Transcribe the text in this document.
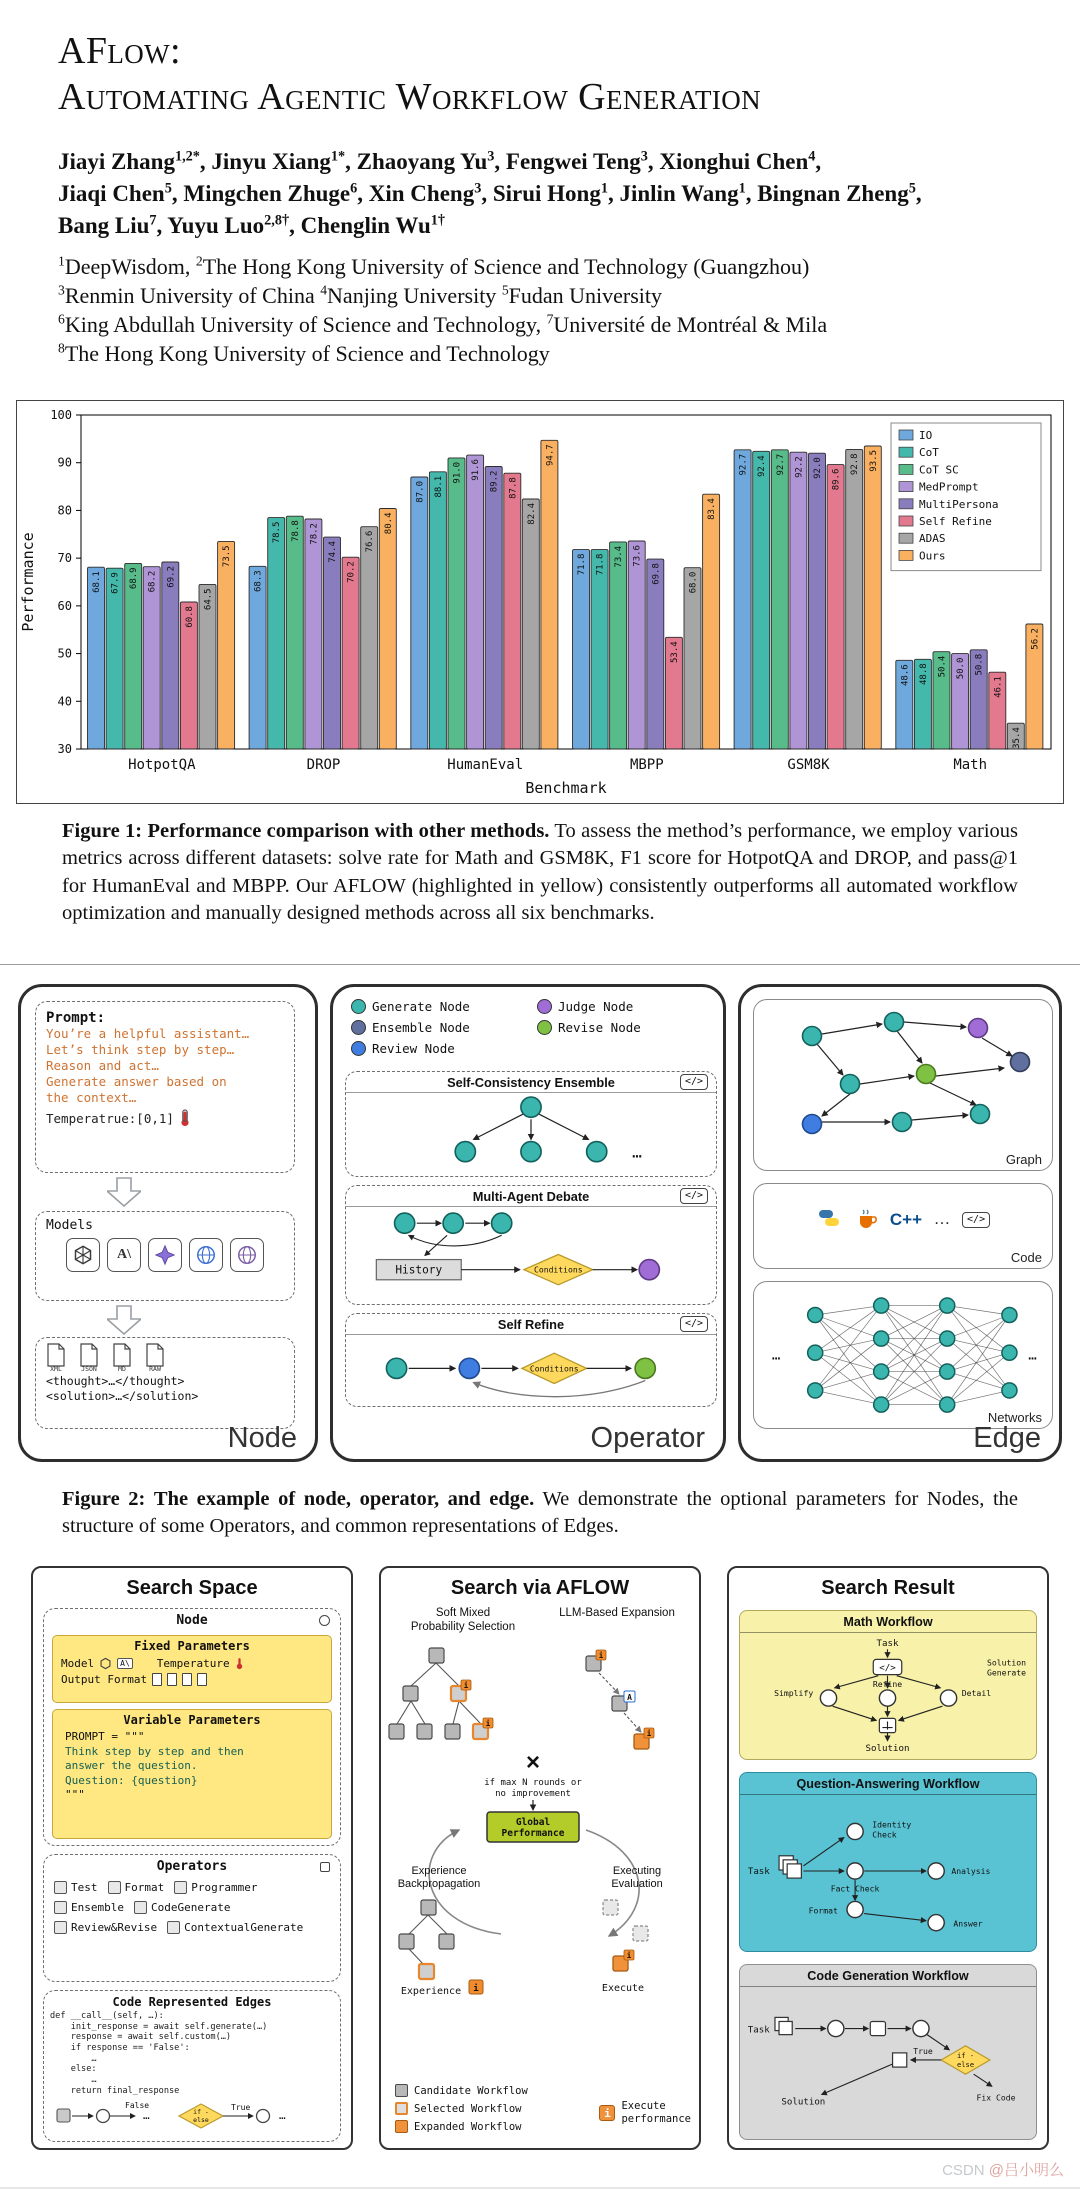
AFlow:
Automating Agentic Workflow Generation
Jiayi Zhang$^{1,2*}$, Jinyu Xiang$^{1*}$, Zhaoyang Yu$^3$, Fengwei Teng$^3$, Xionghui Chen$^4$,
Jiaqi Chen$^5$, Mingchen Zhuge$^6$, Xin Cheng$^3$, Sirui Hong$^1$, Jinlin Wang$^1$, Bingnan Zheng$^5$,
Bang Liu$^7$, Yuyu Luo$^{2,8\dagger}$, Chenglin $Wu^{1\dagger}$
$^1$DeepWisdom, $^2$The Hong Kong University of Science and Technology (Guangzhou)
$^3$Renmin University of China $^4$Nanjing University $^5$Fudan University
$^6$King Abdullah University of Science and Technology, $^7$Université de Montréal & Mila
$^8$The Hong Kong University of Science and Technology
30
40
50
60
70
80
90
100
68.1 67.9 68.9 68.2 69.2
60.8
64.5
73.5
HotpotQA
68.3
78.5 78.8 78.2
74.4
70.2
76.6
80.4
DROP
87.0 88.1
91.0 91.6
89.2 87.8
82.4
94.7
HumanEval
71.8 71.8 73.4 73.6
69.8
53.4
68.0
83.4
MBPP
92.7 92.4 92.7 92.2 92.0
89.6
92.8 93.5
GSM8K
48.6 48.8 50.4 50.0 50.8
46.1
35.4
56.2
Math
Benchmark
Performance
IO
CoT
CoT SC
MedPrompt
MultiPersona
Self Refine
ADAS
Ours

Figure 1: Performance comparison with other methods. To assess the method’s performance, we employ various metrics across different datasets: solve rate for Math and GSM8K, F1 score for HotpotQA and DROP, and pass@1 for HumanEval and MBPP. Our AFLOW (highlighted in yellow) consistently outperforms all automated workflow optimization and manually designed methods across all six benchmarks.

Prompt:
You’re a helpful assistant…
Let’s think step by step…
Reason and act…
Generate answer based on
the context…
Temperatrue:[0,1]
Models
A\
XML	JSON	MD	RAW
<thought>…</thought>
<solution>…</solution>
Node
Generate Node	Judge Node
Ensemble Node	Revise Node
Review Node
Self-Consistency Ensemble	</>
…
Multi-Agent Debate	</>
History	Conditions
Self Refine	</>
Conditions
Operator
Graph
C++ …	</>
Code
…	…
Networks
Edge

Figure 2: The example of node, operator, and edge. We demonstrate the optional parameters for Nodes, the structure of some Operators, and common representations of Edges.

Search Space
Node
Fixed Parameters
Model	A\ Temperature
Output Format
Variable Parameters
PROMPT = """
Think step by step and then
answer the question.
Question: {question}
"""
Operators
Test Format Programmer
Ensemble CodeGenerate
Review&Revise ContextualGenerate
Code Represented Edges
def __call__(self, …):
init_response = await self.generate(…)
response = await self.custom(…)
if response == 'False':
…
else:
…
return final_response
False
…	if -
else
True
…
Search via AFLOW
Soft Mixed
Probability Selection
LLM-Based Expansion
i
i
i
A
i
×
if max N rounds or
no improvement
Global
Performance
Experience
Backpropagation
Executing
Evaluation
Experience i
i
Execute
Candidate Workflow
Selected Workflow
Expanded Workflow
i
Execute
performance
Search Result
Math Workflow
Task
</>
Simplify
Refine
Detail
Solution
Generate
Solution
Question-Answering Workflow
Task
Identity
Check
Fact Check
Analysis
Format
Answer
Code Generation Workflow
Task
if -
else
True
Solution
Fix Code
CSDN @吕小明么
